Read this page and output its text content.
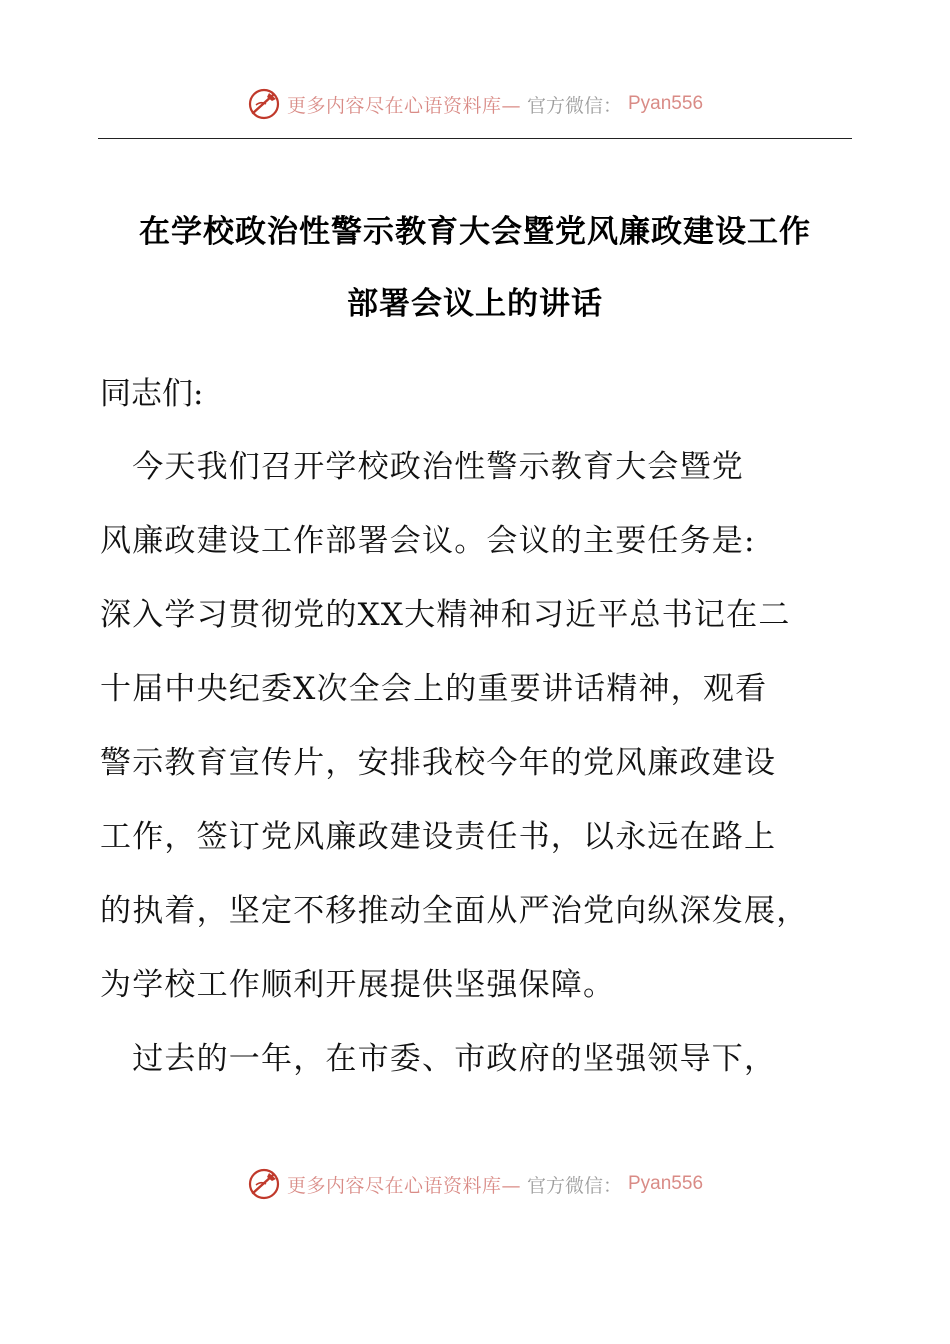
更多内容尽在心语资料库— 官方微信： Pyan556
在学校政治性警示教育大会暨党风廉政建设工作
部署会议上的讲话
同志们:
　今天我们召开学校政治性警示教育大会暨党
风廉政建设工作部署会议。会议的主要任务是:
深入学习贯彻党的XX大精神和习近平总书记在二
十届中央纪委X次全会上的重要讲话精神，观看
警示教育宣传片，安排我校今年的党风廉政建设
工作，签订党风廉政建设责任书，以永远在路上
的执着，坚定不移推动全面从严治党向纵深发展，
为学校工作顺利开展提供坚强保障。
　过去的一年，在市委、市政府的坚强领导下，
更多内容尽在心语资料库— 官方微信： Pyan556
